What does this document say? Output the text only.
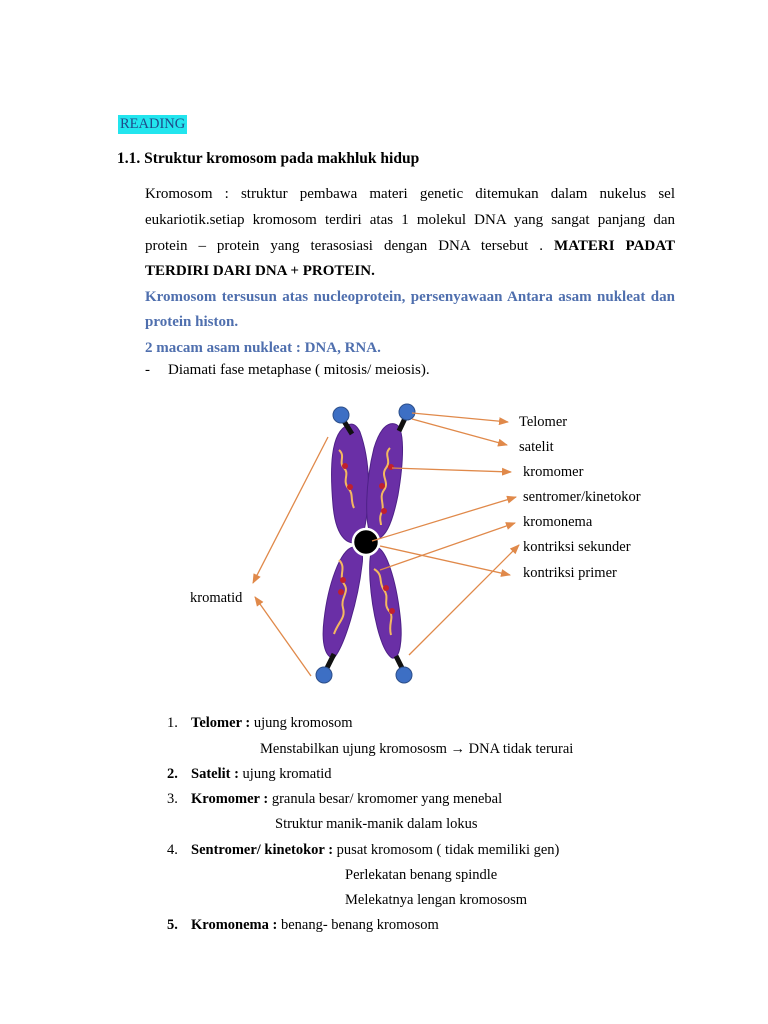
READING
1.1. Struktur kromosom pada makhluk hidup
Kromosom : struktur pembawa materi genetic ditemukan dalam nukelus sel
eukariotik.setiap kromosom terdiri atas 1 molekul DNA yang sangat panjang dan
protein – protein yang terasosiasi dengan DNA tersebut . MATERI PADAT
TERDIRI DARI DNA + PROTEIN.
Kromosom tersusun atas nucleoprotein, persenyawaan Antara asam nukleat dan
protein histon.
2 macam asam nukleat : DNA, RNA.
- Diamati fase metaphase ( mitosis/ meiosis).
Telomer
satelit
kromomer
sentromer/kinetokor
kromonema
kontriksi sekunder
kontriksi primer
kromatid
1. Telomer : ujung kromosom
Menstabilkan ujung kromososm → DNA tidak terurai
2. Satelit : ujung kromatid
3. Kromomer : granula besar/ kromomer yang menebal
Struktur manik-manik dalam lokus
4. Sentromer/ kinetokor : pusat kromosom ( tidak memiliki gen)
Perlekatan benang spindle
Melekatnya lengan kromososm
5. Kromonema : benang- benang kromosom
